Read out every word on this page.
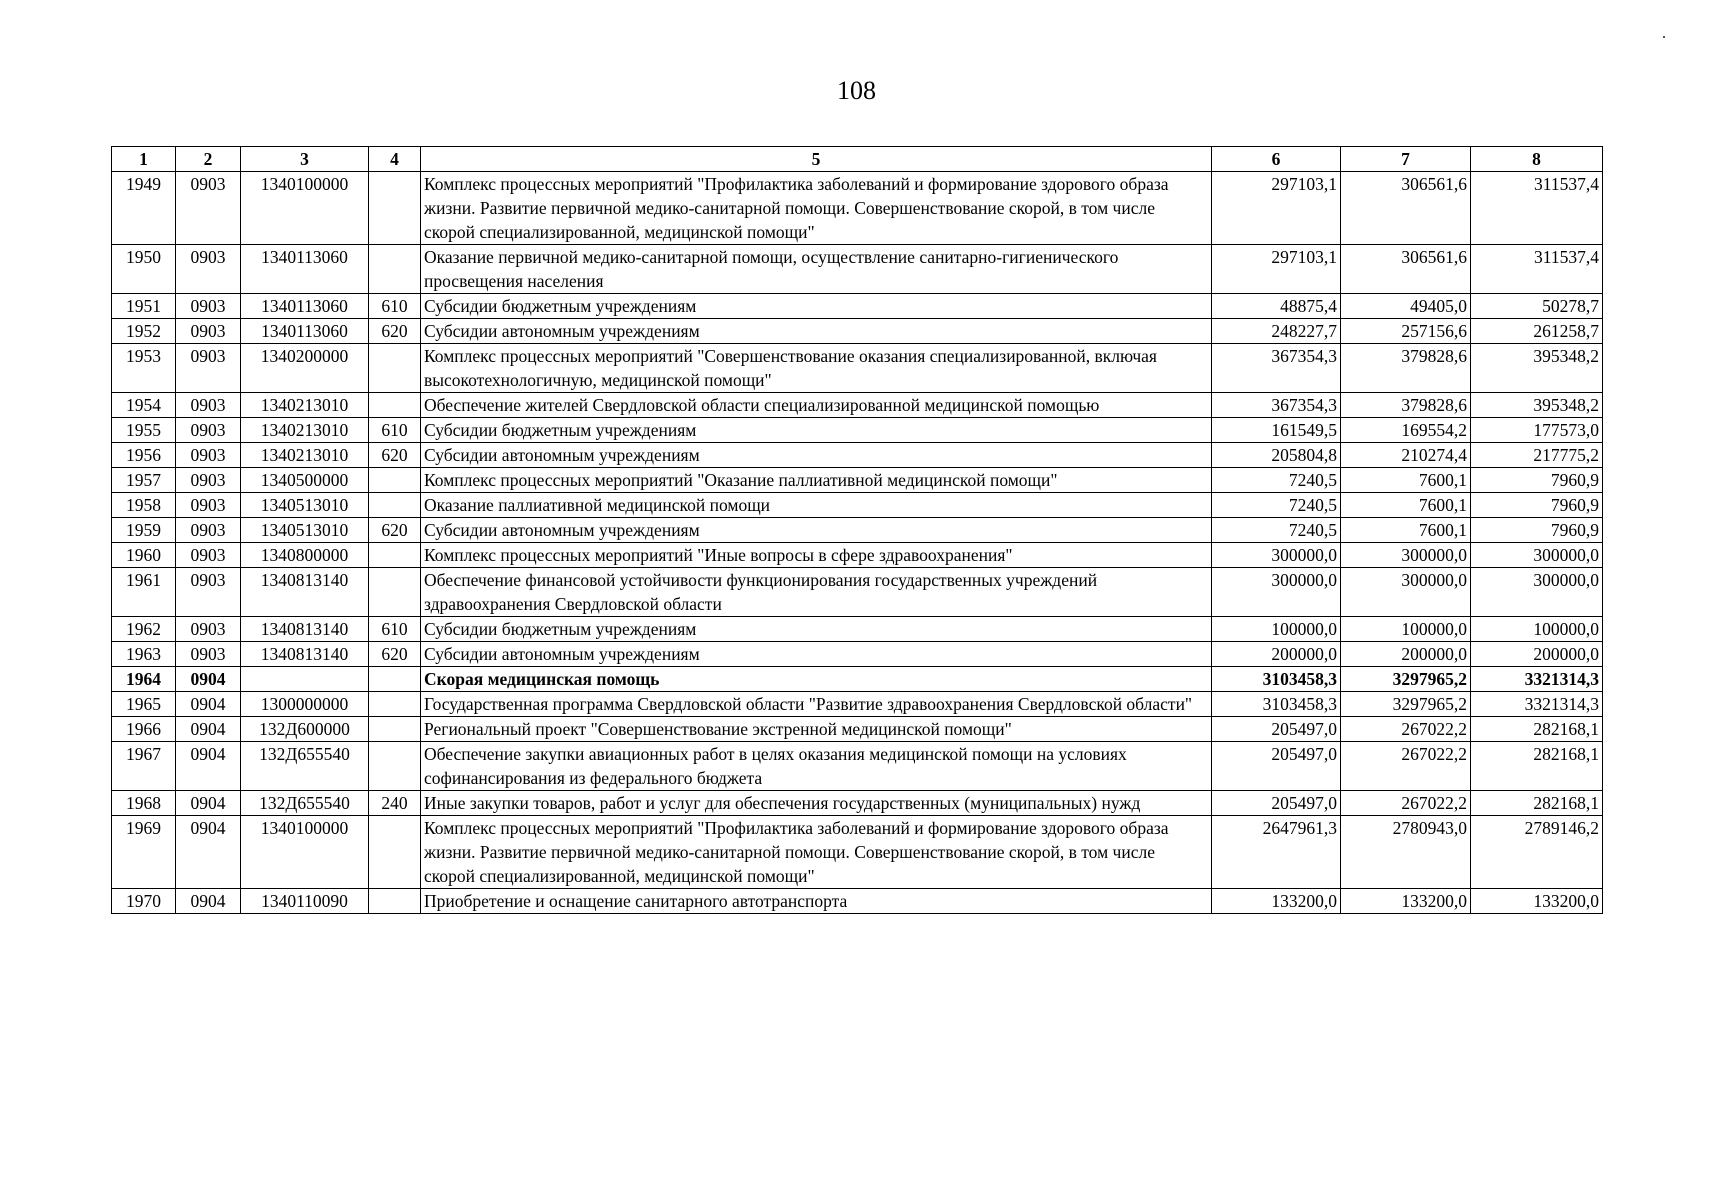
108
1	2	3	4	5	6	7	8
1949	0903	1340100000		Комплекс процессных мероприятий "Профилактика заболеваний и формирование здорового образа жизни. Развитие первичной медико-санитарной помощи. Совершенствование скорой, в том числе скорой специализированной, медицинской помощи"	297103,1	306561,6	311537,4
1950	0903	1340113060		Оказание первичной медико-санитарной помощи, осуществление санитарно-гигиенического просвещения населения	297103,1	306561,6	311537,4
1951	0903	1340113060	610	Субсидии бюджетным учреждениям	48875,4	49405,0	50278,7
1952	0903	1340113060	620	Субсидии автономным учреждениям	248227,7	257156,6	261258,7
1953	0903	1340200000		Комплекс процессных мероприятий "Совершенствование оказания специализированной, включая высокотехнологичную, медицинской помощи"	367354,3	379828,6	395348,2
1954	0903	1340213010		Обеспечение жителей Свердловской области специализированной медицинской помощью	367354,3	379828,6	395348,2
1955	0903	1340213010	610	Субсидии бюджетным учреждениям	161549,5	169554,2	177573,0
1956	0903	1340213010	620	Субсидии автономным учреждениям	205804,8	210274,4	217775,2
1957	0903	1340500000		Комплекс процессных мероприятий "Оказание паллиативной медицинской помощи"	7240,5	7600,1	7960,9
1958	0903	1340513010		Оказание паллиативной медицинской помощи	7240,5	7600,1	7960,9
1959	0903	1340513010	620	Субсидии автономным учреждениям	7240,5	7600,1	7960,9
1960	0903	1340800000		Комплекс процессных мероприятий "Иные вопросы в сфере здравоохранения"	300000,0	300000,0	300000,0
1961	0903	1340813140		Обеспечение финансовой устойчивости функционирования государственных учреждений здравоохранения Свердловской области	300000,0	300000,0	300000,0
1962	0903	1340813140	610	Субсидии бюджетным учреждениям	100000,0	100000,0	100000,0
1963	0903	1340813140	620	Субсидии автономным учреждениям	200000,0	200000,0	200000,0
1964	0904			Скорая медицинская помощь	3103458,3	3297965,2	3321314,3
1965	0904	1300000000		Государственная программа Свердловской области "Развитие здравоохранения Свердловской области"	3103458,3	3297965,2	3321314,3
1966	0904	132Д600000		Региональный проект "Совершенствование экстренной медицинской помощи"	205497,0	267022,2	282168,1
1967	0904	132Д655540		Обеспечение закупки авиационных работ в целях оказания медицинской помощи на условиях софинансирования из федерального бюджета	205497,0	267022,2	282168,1
1968	0904	132Д655540	240	Иные закупки товаров, работ и услуг для обеспечения государственных (муниципальных) нужд	205497,0	267022,2	282168,1
1969	0904	1340100000		Комплекс процессных мероприятий "Профилактика заболеваний и формирование здорового образа жизни. Развитие первичной медико-санитарной помощи. Совершенствование скорой, в том числе скорой специализированной, медицинской помощи"	2647961,3	2780943,0	2789146,2
1970	0904	1340110090		Приобретение и оснащение санитарного автотранспорта	133200,0	133200,0	133200,0
